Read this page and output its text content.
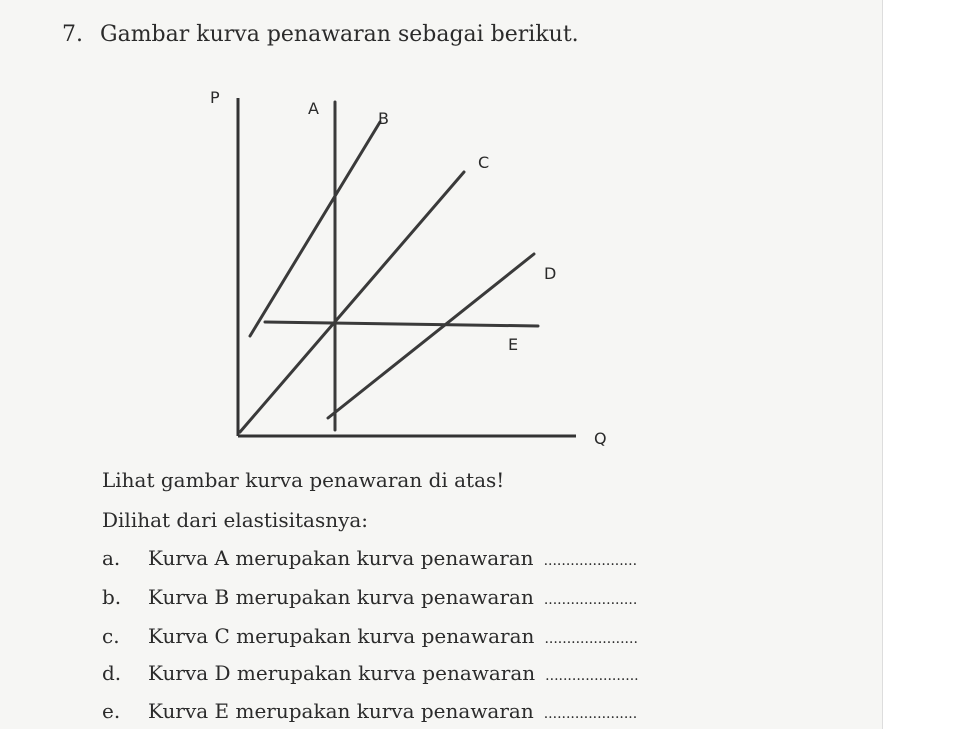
7. Gambar kurva penawaran sebagai berikut.
P
Q
A
B
C
D
E
Lihat gambar kurva penawaran di atas!
Dilihat dari elastisitasnya:
a.	Kurva A merupakan kurva penawaran .....................
b.	Kurva B merupakan kurva penawaran .....................
c.	Kurva C merupakan kurva penawaran .....................
d.	Kurva D merupakan kurva penawaran .....................
e.	Kurva E merupakan kurva penawaran .....................
